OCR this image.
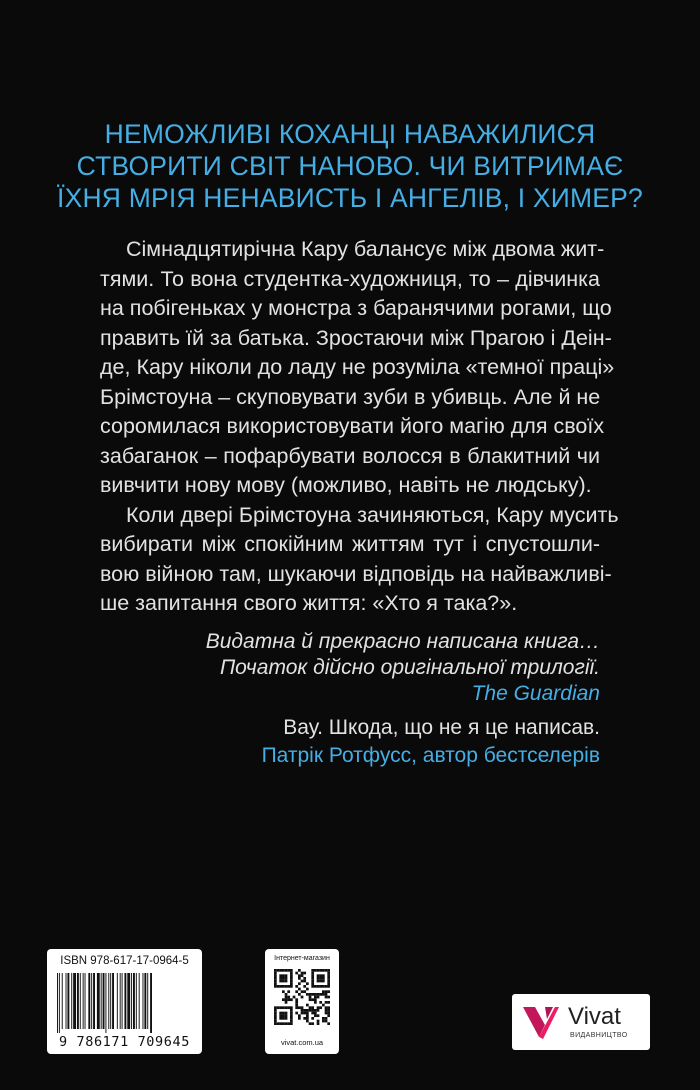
НЕМОЖЛИВІ КОХАНЦІ НАВАЖИЛИСЯ
СТВОРИТИ СВІТ НАНОВО. ЧИ ВИТРИМАЄ
ЇХНЯ МРІЯ НЕНАВИСТЬ І АНГЕЛІВ, І ХИМЕР?

Сімнадцятирічна Кару балансує між двома жит-
тями. То вона студентка-художниця, то – дівчинка
на побігеньках у монстра з баранячими рогами, що
править їй за батька. Зростаючи між Прагою і Деін-
де, Кару ніколи до ладу не розуміла «темної праці»
Брімстоуна – скуповувати зуби в убивць. Але й не
соромилася використовувати його магію для своїх
забаганок – пофарбувати волосся в блакитний чи
вивчити нову мову (можливо, навіть не людську).

Коли двері Брімстоуна зачиняються, Кару мусить
вибирати між спокійним життям тут і спустошли-
вою війною там, шукаючи відповідь на найважливі-
ше запитання свого життя: «Хто я така?».

Видатна й прекрасно написана книга…
Початок дійсно оригінальної трилогії.
The Guardian
Вау. Шкода, що не я це написав.
Патрік Ротфусс, автор бестселерів
ISBN 978-617-17-0964-5
9 786171 709645
Інтернет-магазин
vivat.com.ua
Vivat
ВИДАВНИЦТВО
